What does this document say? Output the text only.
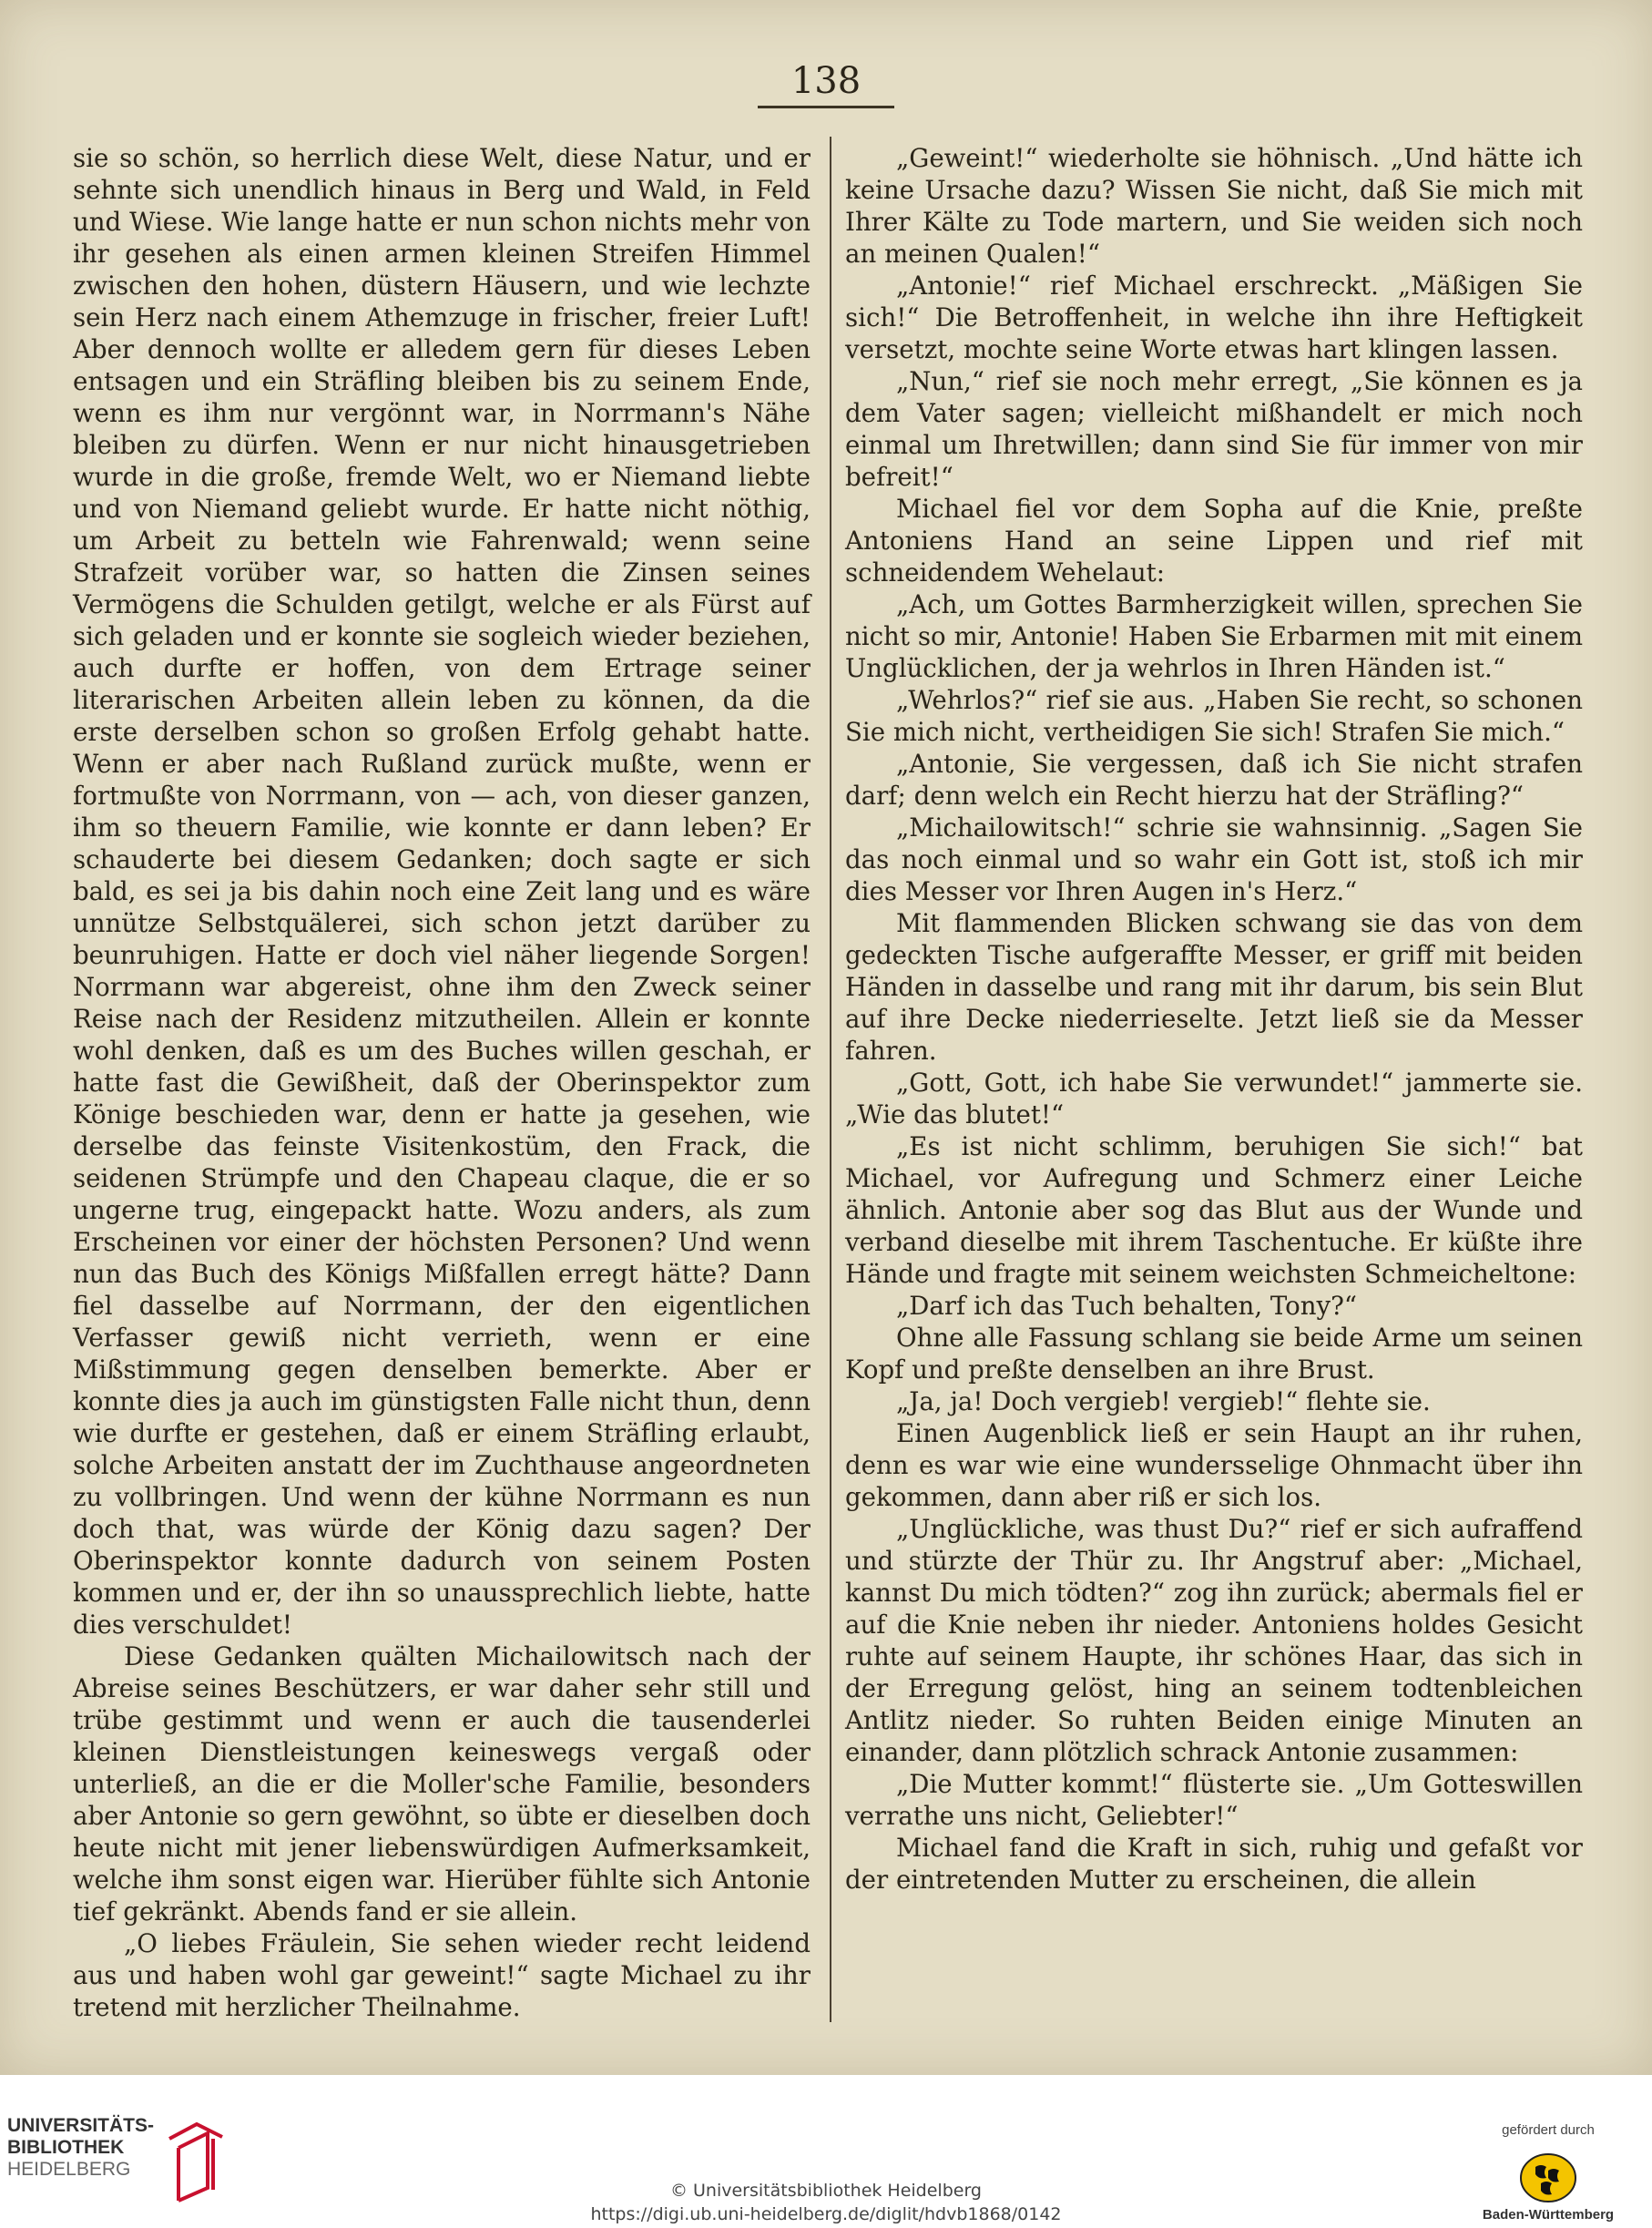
138

sie so schön, so herrlich diese Welt, diese Natur, und er sehnte sich unendlich hinaus in Berg und Wald, in Feld und Wiese. Wie lange hatte er nun schon nichts mehr von ihr gesehen als einen armen kleinen Streifen Himmel zwischen den hohen, düstern Häusern, und wie lechzte sein Herz nach einem Athemzuge in frischer, freier Luft! Aber dennoch wollte er alledem gern für dieses Leben entsagen und ein Sträfling bleiben bis zu seinem Ende, wenn es ihm nur vergönnt war, in Norrmann's Nähe bleiben zu dürfen. Wenn er nur nicht hinausgetrieben wurde in die große, fremde Welt, wo er Niemand liebte und von Niemand geliebt wurde. Er hatte nicht nöthig, um Arbeit zu betteln wie Fahrenwald; wenn seine Strafzeit vorüber war, so hatten die Zinsen seines Vermögens die Schulden getilgt, welche er als Fürst auf sich geladen und er konnte sie sogleich wieder beziehen, auch durfte er hoffen, von dem Ertrage seiner literarischen Arbeiten allein leben zu können, da die erste derselben schon so großen Erfolg gehabt hatte. Wenn er aber nach Rußland zurück mußte, wenn er fortmußte von Norrmann, von — ach, von dieser ganzen, ihm so theuern Familie, wie konnte er dann leben? Er schauderte bei diesem Gedanken; doch sagte er sich bald, es sei ja bis dahin noch eine Zeit lang und es wäre unnütze Selbstquälerei, sich schon jetzt darüber zu beunruhigen. Hatte er doch viel näher liegende Sorgen! Norrmann war abgereist, ohne ihm den Zweck seiner Reise nach der Residenz mitzutheilen. Allein er konnte wohl denken, daß es um des Buches willen geschah, er hatte fast die Gewißheit, daß der Oberinspektor zum Könige beschieden war, denn er hatte ja gesehen, wie derselbe das feinste Visitenkostüm, den Frack, die seidenen Strümpfe und den Chapeau claque, die er so ungerne trug, eingepackt hatte. Wozu anders, als zum Erscheinen vor einer der höchsten Personen? Und wenn nun das Buch des Königs Mißfallen erregt hätte? Dann fiel dasselbe auf Norrmann, der den eigentlichen Verfasser gewiß nicht verrieth, wenn er eine Mißstimmung gegen denselben bemerkte. Aber er konnte dies ja auch im günstigsten Falle nicht thun, denn wie durfte er gestehen, daß er einem Sträfling erlaubt, solche Arbeiten anstatt der im Zuchthause angeordneten zu vollbringen. Und wenn der kühne Norrmann es nun doch that, was würde der König dazu sagen? Der Oberinspektor konnte dadurch von seinem Posten kommen und er, der ihn so unaussprechlich liebte, hatte dies verschuldet!

Diese Gedanken quälten Michailowitsch nach der Abreise seines Beschützers, er war daher sehr still und trübe gestimmt und wenn er auch die tausenderlei kleinen Dienstleistungen keineswegs vergaß oder unterließ, an die er die Moller'sche Familie, besonders aber Antonie so gern gewöhnt, so übte er dieselben doch heute nicht mit jener liebenswürdigen Aufmerksamkeit, welche ihm sonst eigen war. Hierüber fühlte sich Antonie tief gekränkt. Abends fand er sie allein.

„O liebes Fräulein, Sie sehen wieder recht leidend aus und haben wohl gar geweint!“ sagte Michael zu ihr tretend mit herzlicher Theilnahme.

„Geweint!“ wiederholte sie höhnisch. „Und hätte ich keine Ursache dazu? Wissen Sie nicht, daß Sie mich mit Ihrer Kälte zu Tode martern, und Sie weiden sich noch an meinen Qualen!“

„Antonie!“ rief Michael erschreckt. „Mäßigen Sie sich!“ Die Betroffenheit, in welche ihn ihre Heftigkeit versetzt, mochte seine Worte etwas hart klingen lassen.

„Nun,“ rief sie noch mehr erregt, „Sie können es ja dem Vater sagen; vielleicht mißhandelt er mich noch einmal um Ihretwillen; dann sind Sie für immer von mir befreit!“

Michael fiel vor dem Sopha auf die Knie, preßte Antoniens Hand an seine Lippen und rief mit schneidendem Wehelaut:

„Ach, um Gottes Barmherzigkeit willen, sprechen Sie nicht so mir, Antonie! Haben Sie Erbarmen mit mit einem Unglücklichen, der ja wehrlos in Ihren Händen ist.“

„Wehrlos?“ rief sie aus. „Haben Sie recht, so schonen Sie mich nicht, vertheidigen Sie sich! Strafen Sie mich.“

„Antonie, Sie vergessen, daß ich Sie nicht strafen darf; denn welch ein Recht hierzu hat der Sträfling?“

„Michailowitsch!“ schrie sie wahnsinnig. „Sagen Sie das noch einmal und so wahr ein Gott ist, stoß ich mir dies Messer vor Ihren Augen in's Herz.“

Mit flammenden Blicken schwang sie das von dem gedeckten Tische aufgeraffte Messer, er griff mit beiden Händen in dasselbe und rang mit ihr darum, bis sein Blut auf ihre Decke niederrieselte. Jetzt ließ sie da Messer fahren.

„Gott, Gott, ich habe Sie verwundet!“ jammerte sie. „Wie das blutet!“

„Es ist nicht schlimm, beruhigen Sie sich!“ bat Michael, vor Aufregung und Schmerz einer Leiche ähnlich. Antonie aber sog das Blut aus der Wunde und verband dieselbe mit ihrem Taschentuche. Er küßte ihre Hände und fragte mit seinem weichsten Schmeicheltone:

„Darf ich das Tuch behalten, Tony?“

Ohne alle Fassung schlang sie beide Arme um seinen Kopf und preßte denselben an ihre Brust.

„Ja, ja! Doch vergieb! vergieb!“ flehte sie.

Einen Augenblick ließ er sein Haupt an ihr ruhen, denn es war wie eine wundersselige Ohnmacht über ihn gekommen, dann aber riß er sich los.

„Unglückliche, was thust Du?“ rief er sich aufraffend und stürzte der Thür zu. Ihr Angstruf aber: „Michael, kannst Du mich tödten?“ zog ihn zurück; abermals fiel er auf die Knie neben ihr nieder. Antoniens holdes Gesicht ruhte auf seinem Haupte, ihr schönes Haar, das sich in der Erregung gelöst, hing an seinem todtenbleichen Antlitz nieder. So ruhten Beiden einige Minuten an einander, dann plötzlich schrack Antonie zusammen:

„Die Mutter kommt!“ flüsterte sie. „Um Gotteswillen verrathe uns nicht, Geliebter!“

Michael fand die Kraft in sich, ruhig und gefaßt vor der eintretenden Mutter zu erscheinen, die allein

UNIVERSITÄTS-
BIBLIOTHEK
HEIDELBERG
© Universitätsbibliothek Heidelberg
https://digi.ub.uni-heidelberg.de/diglit/hdvb1868/0142
gefördert durch
Baden-Württemberg
